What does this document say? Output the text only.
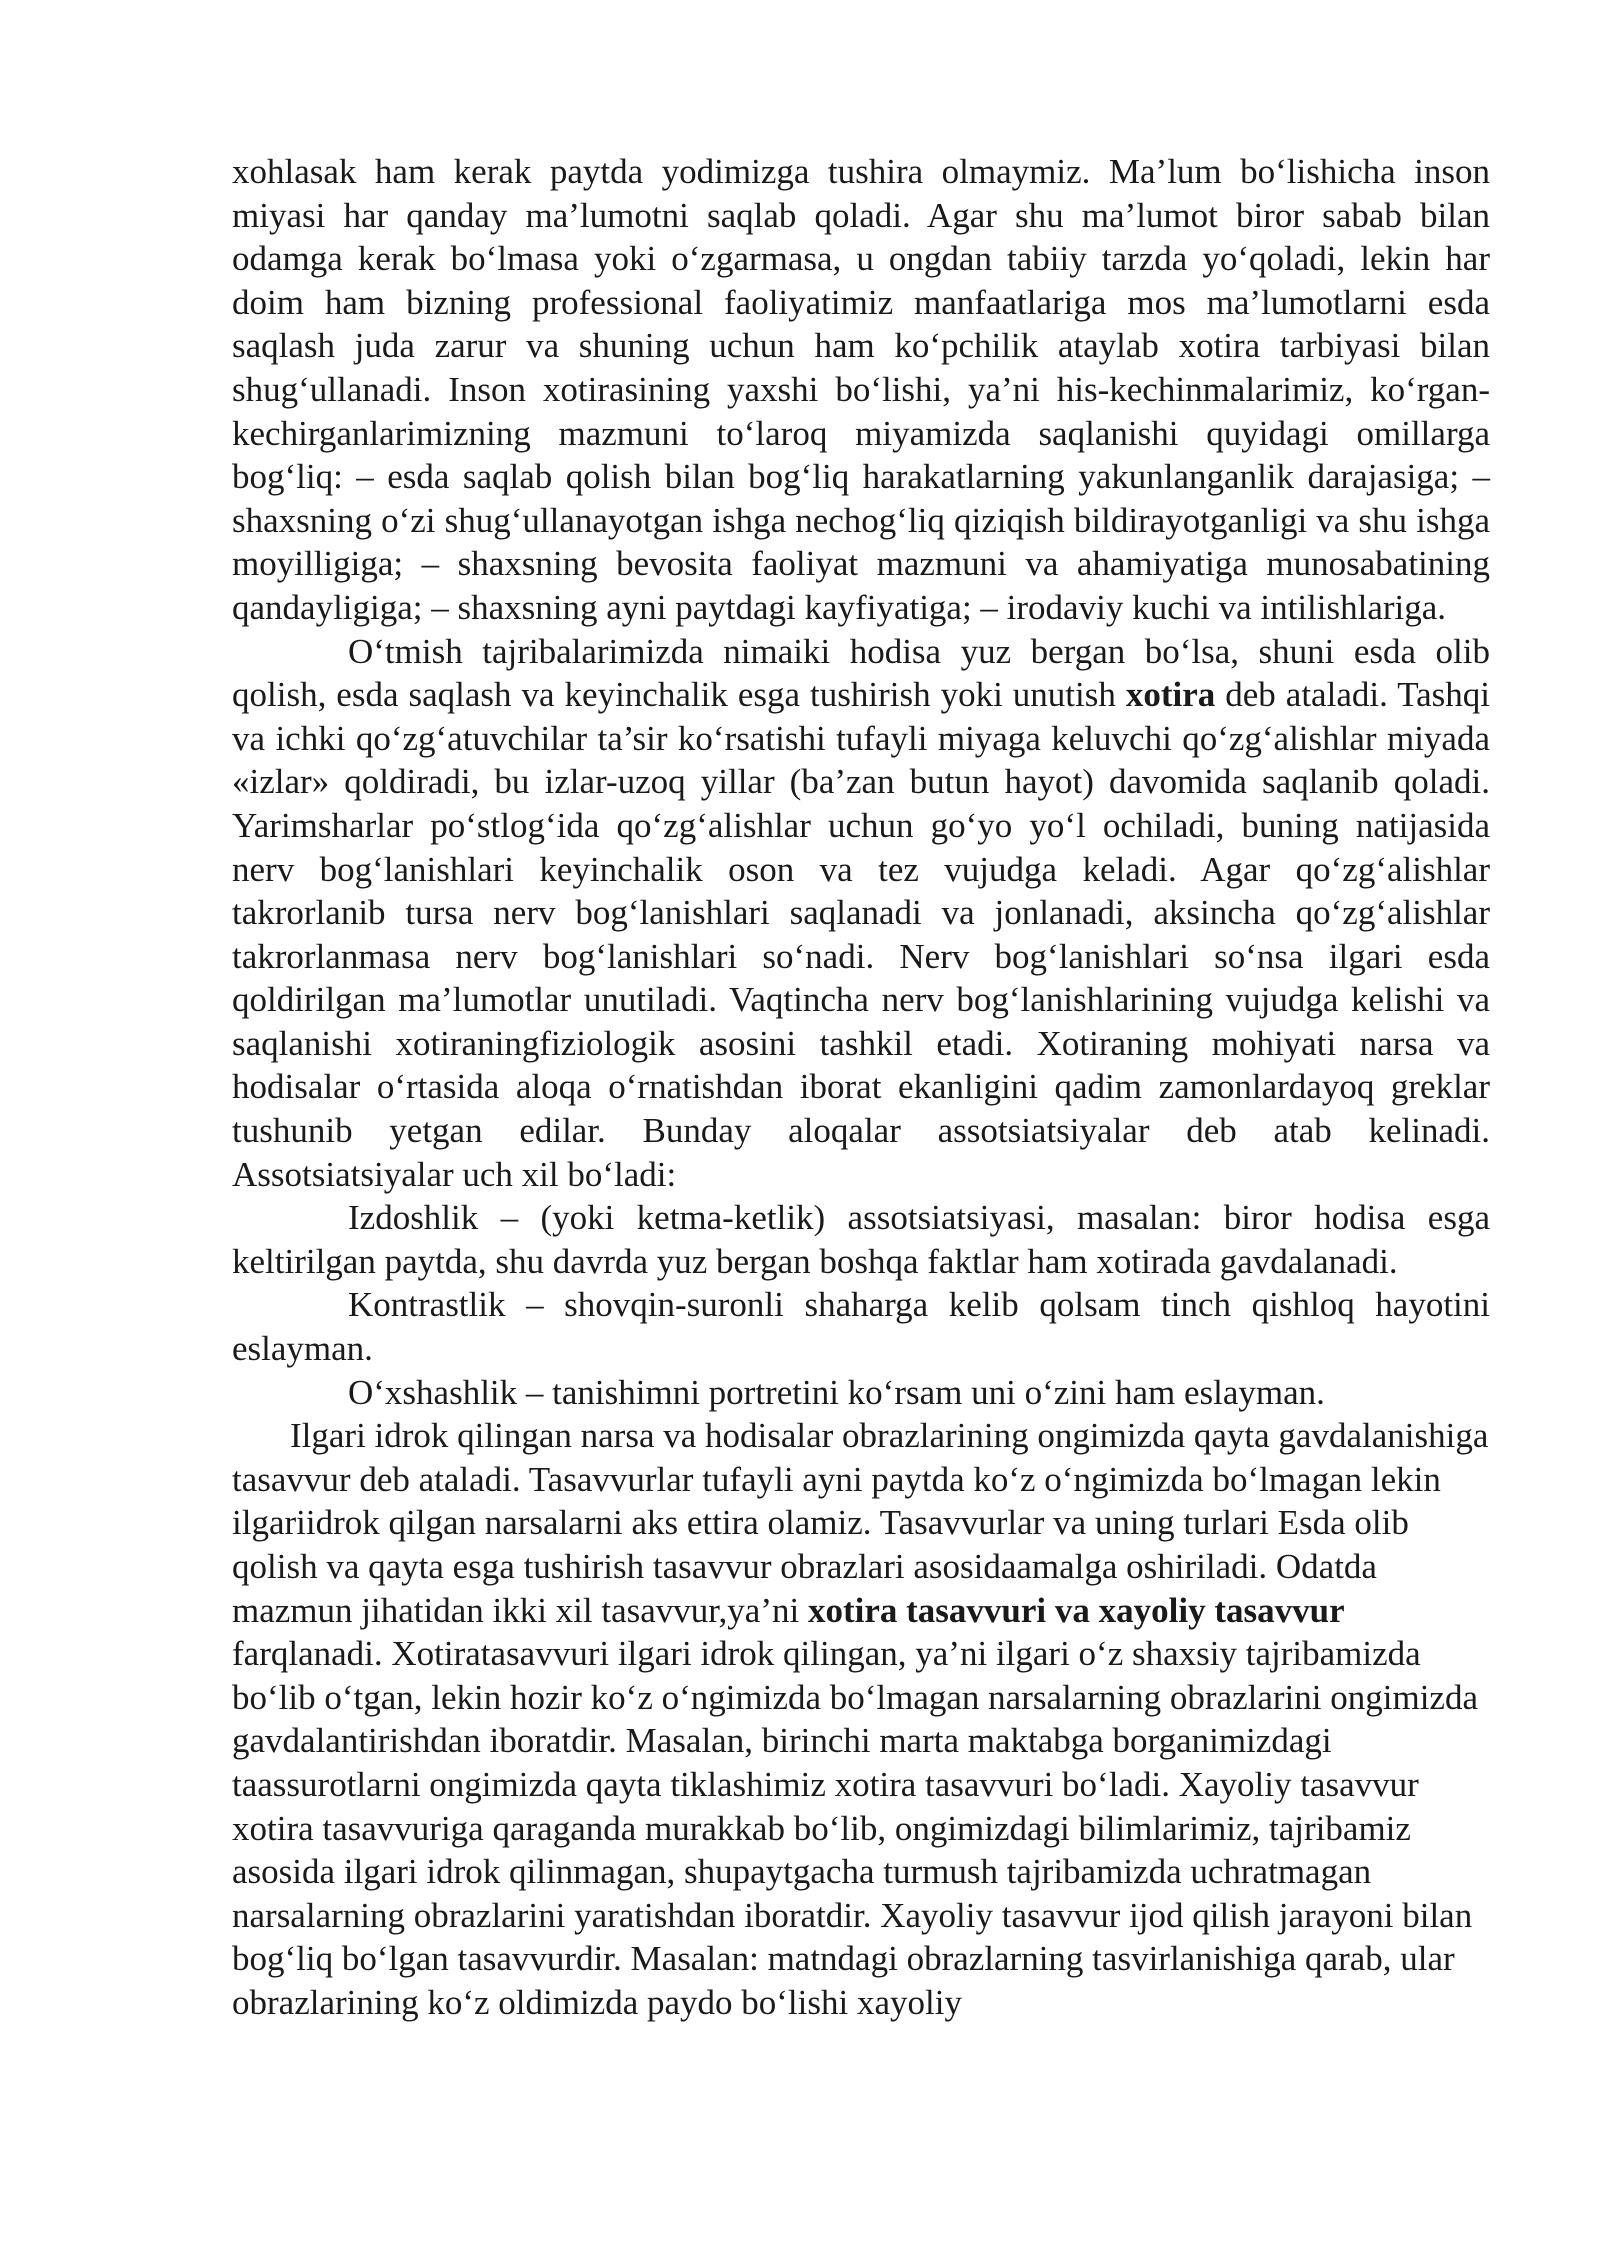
xohlasak ham kerak paytda yodimizga tushira olmaymiz. Ma’lum bo‘lishicha inson miyasi har qanday ma’lumotni saqlab qoladi. Agar shu ma’lumot biror sabab bilan odamga kerak bo‘lmasa yoki o‘zgarmasa, u ongdan tabiiy tarzda yo‘qoladi, lekin har doim ham bizning professional faoliyatimiz manfaatlariga mos ma’lumotlarni esda saqlash juda zarur va shuning uchun ham ko‘pchilik ataylab xotira tarbiyasi bilan shug‘ullanadi. Inson xotirasining yaxshi bo‘lishi, ya’ni his-kechinmalarimiz, ko‘rgan-kechirganlarimizning mazmuni to‘laroq miyamizda saqlanishi quyidagi omillarga bog‘liq: – esda saqlab qolish bilan bog‘liq harakatlarning yakunlanganlik darajasiga; – shaxsning o‘zi shug‘ullanayotgan ishga nechog‘liq qiziqish bildirayotganligi va shu ishga moyilligiga; – shaxsning bevosita faoliyat mazmuni va ahamiyatiga munosabatining qandayligiga; – shaxsning ayni paytdagi kayfiyatiga; – irodaviy kuchi va intilishlariga.

O‘tmish tajribalarimizda nimaiki hodisa yuz bergan bo‘lsa, shuni esda olib qolish, esda saqlash va keyinchalik esga tushirish yoki unutish xotira deb ataladi. Tashqi va ichki qo‘zg‘atuvchilar ta’sir ko‘rsatishi tufayli miyaga keluvchi qo‘zg‘alishlar miyada «izlar» qoldiradi, bu izlar-uzoq yillar (ba’zan butun hayot) davomida saqlanib qoladi. Yarimsharlar po‘stlog‘ida qo‘zg‘alishlar uchun go‘yo yo‘l ochiladi, buning natijasida nerv bog‘lanishlari keyinchalik oson va tez vujudga keladi. Agar qo‘zg‘alishlar takrorlanib tursa nerv bog‘lanishlari saqlanadi va jonlanadi, aksincha qo‘zg‘alishlar takrorlanmasa nerv bog‘lanishlari so‘nadi. Nerv bog‘lanishlari so‘nsa ilgari esda qoldirilgan ma’lumotlar unutiladi. Vaqtincha nerv bog‘lanishlarining vujudga kelishi va saqlanishi xotiraningfiziologik asosini tashkil etadi. Xotiraning mohiyati narsa va hodisalar o‘rtasida aloqa o‘rnatishdan iborat ekanligini qadim zamonlardayoq greklar tushunib yetgan edilar. Bunday aloqalar assotsiatsiyalar deb atab kelinadi. Assotsiatsiyalar uch xil bo‘ladi:

Izdoshlik – (yoki ketma-ketlik) assotsiatsiyasi, masalan: biror hodisa esga keltirilgan paytda, shu davrda yuz bergan boshqa faktlar ham xotirada gavdalanadi.

Kontrastlik – shovqin-suronli shaharga kelib qolsam tinch qishloq hayotini eslayman.

O‘xshashlik – tanishimni portretini ko‘rsam uni o‘zini ham eslayman.

Ilgari idrok qilingan narsa va hodisalar obrazlarining ongimizda qayta gavdalanishiga tasavvur deb ataladi. Tasavvurlar tufayli ayni paytda ko‘z o‘ngimizda bo‘lmagan lekin ilgariidrok qilgan narsalarni aks ettira olamiz. Tasavvurlar va uning turlari Esda olib qolish va qayta esga tushirish tasavvur obrazlari asosidaamalga oshiriladi. Odatda mazmun jihatidan ikki xil tasavvur,ya’ni xotira tasavvuri va xayoliy tasavvur farqlanadi. Xotiratasavvuri ilgari idrok qilingan, ya’ni ilgari o‘z shaxsiy tajribamizda bo‘lib o‘tgan, lekin hozir ko‘z o‘ngimizda bo‘lmagan narsalarning obrazlarini ongimizda gavdalantirishdan iboratdir. Masalan, birinchi marta maktabga borganimizdagi taassurotlarni ongimizda qayta tiklashimiz xotira tasavvuri bo‘ladi. Xayoliy tasavvur xotira tasavvuriga qaraganda murakkab bo‘lib, ongimizdagi bilimlarimiz, tajribamiz asosida ilgari idrok qilinmagan, shupaytgacha turmush tajribamizda uchratmagan narsalarning obrazlarini yaratishdan iboratdir. Xayoliy tasavvur ijod qilish jarayoni bilan bog‘liq bo‘lgan tasavvurdir. Masalan: matndagi obrazlarning tasvirlanishiga qarab, ular obrazlarining ko‘z oldimizda paydo bo‘lishi xayoliy
